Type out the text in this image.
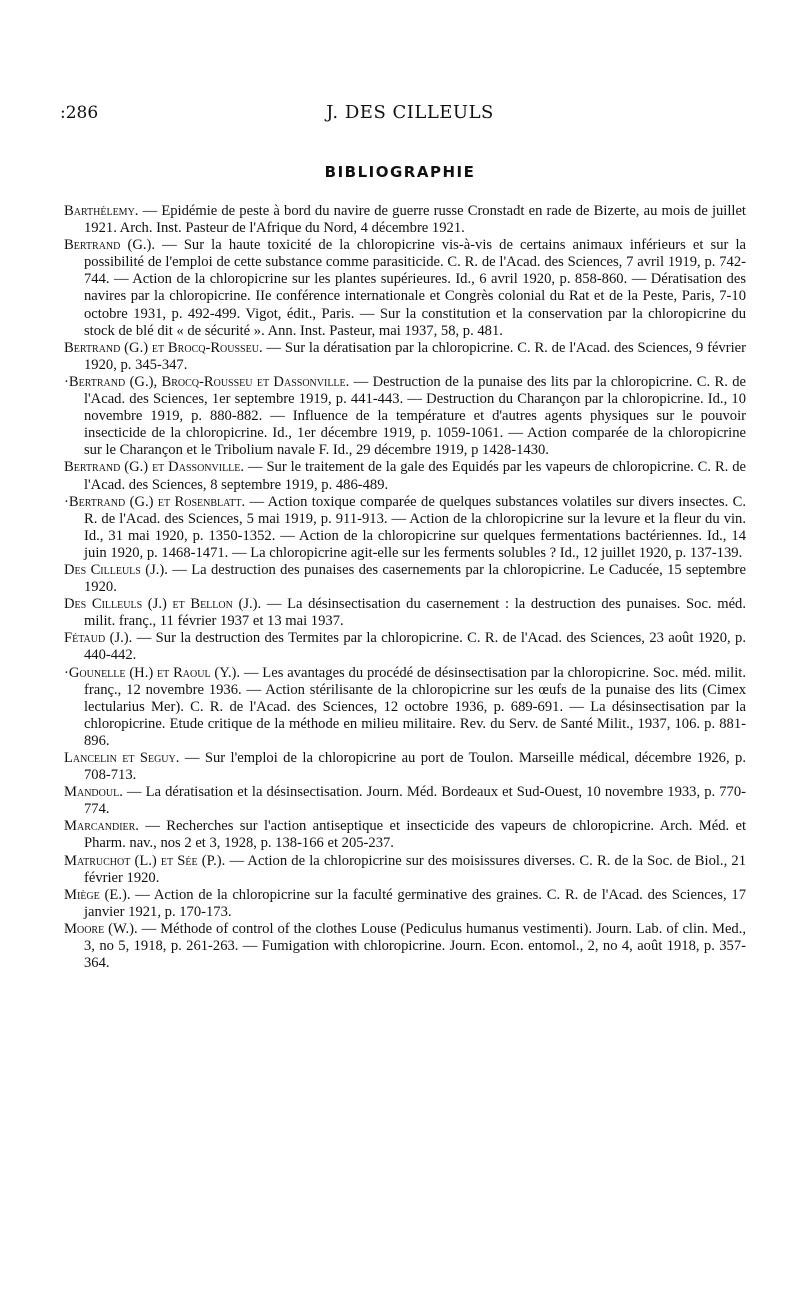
:286	J. DES CILLEULS
BIBLIOGRAPHIE

Barthélemy. — Epidémie de peste à bord du navire de guerre russe Cronstadt en rade de Bizerte, au mois de juillet 1921. Arch. Inst. Pasteur de l'Afrique du Nord, 4 décembre 1921.

Bertrand (G.). — Sur la haute toxicité de la chloropicrine vis-à-vis de certains animaux inférieurs et sur la possibilité de l'emploi de cette substance comme parasiticide. C. R. de l'Acad. des Sciences, 7 avril 1919, p. 742-744. — Action de la chloropicrine sur les plantes supérieures. Id., 6 avril 1920, p. 858-860. — Dératisation des navires par la chloropicrine. IIe conférence internationale et Congrès colonial du Rat et de la Peste, Paris, 7-10 octobre 1931, p. 492-499. Vigot, édit., Paris. — Sur la constitution et la conservation par la chloropicrine du stock de blé dit « de sécurité ». Ann. Inst. Pasteur, mai 1937, 58, p. 481.

Bertrand (G.) et Brocq-Rousseu. — Sur la dératisation par la chloropicrine. C. R. de l'Acad. des Sciences, 9 février 1920, p. 345-347.

·Bertrand (G.), Brocq-Rousseu et Dassonville. — Destruction de la punaise des lits par la chloropicrine. C. R. de l'Acad. des Sciences, 1er septembre 1919, p. 441-443. — Destruction du Charançon par la chloropicrine. Id., 10 novembre 1919, p. 880-882. — Influence de la température et d'autres agents physiques sur le pouvoir insecticide de la chloropicrine. Id., 1er décembre 1919, p. 1059-1061. — Action comparée de la chloropicrine sur le Charançon et le Tribolium navale F. Id., 29 décembre 1919, p 1428-1430.

Bertrand (G.) et Dassonville. — Sur le traitement de la gale des Equidés par les vapeurs de chloropicrine. C. R. de l'Acad. des Sciences, 8 septembre 1919, p. 486-489.

·Bertrand (G.) et Rosenblatt. — Action toxique comparée de quelques substances volatiles sur divers insectes. C. R. de l'Acad. des Sciences, 5 mai 1919, p. 911-913. — Action de la chloropicrine sur la levure et la fleur du vin. Id., 31 mai 1920, p. 1350-1352. — Action de la chloropicrine sur quelques fermentations bactériennes. Id., 14 juin 1920, p. 1468-1471. — La chloropicrine agit-elle sur les ferments solubles ? Id., 12 juillet 1920, p. 137-139.

Des Cilleuls (J.). — La destruction des punaises des casernements par la chloropicrine. Le Caducée, 15 septembre 1920.

Des Cilleuls (J.) et Bellon (J.). — La désinsectisation du casernement : la destruction des punaises. Soc. méd. milit. franç., 11 février 1937 et 13 mai 1937.

Fétaud (J.). — Sur la destruction des Termites par la chloropicrine. C. R. de l'Acad. des Sciences, 23 août 1920, p. 440-442.

·Gounelle (H.) et Raoul (Y.). — Les avantages du procédé de désinsectisation par la chloropicrine. Soc. méd. milit. franç., 12 novembre 1936. — Action stérilisante de la chloropicrine sur les œufs de la punaise des lits (Cimex lectularius Mer). C. R. de l'Acad. des Sciences, 12 octobre 1936, p. 689-691. — La désinsectisation par la chloropicrine. Etude critique de la méthode en milieu militaire. Rev. du Serv. de Santé Milit., 1937, 106. p. 881-896.

Lancelin et Seguy. — Sur l'emploi de la chloropicrine au port de Toulon. Marseille médical, décembre 1926, p. 708-713.

Mandoul. — La dératisation et la désinsectisation. Journ. Méd. Bordeaux et Sud-Ouest, 10 novembre 1933, p. 770-774.

Marcandier. — Recherches sur l'action antiseptique et insecticide des vapeurs de chloropicrine. Arch. Méd. et Pharm. nav., nos 2 et 3, 1928, p. 138-166 et 205-237.

Matruchot (L.) et Sée (P.). — Action de la chloropicrine sur des moisissures diverses. C. R. de la Soc. de Biol., 21 février 1920.

Miège (E.). — Action de la chloropicrine sur la faculté germinative des graines. C. R. de l'Acad. des Sciences, 17 janvier 1921, p. 170-173.

Moore (W.). — Méthode of control of the clothes Louse (Pediculus humanus vestimenti). Journ. Lab. of clin. Med., 3, no 5, 1918, p. 261-263. — Fumigation with chloropicrine. Journ. Econ. entomol., 2, no 4, août 1918, p. 357-364.
